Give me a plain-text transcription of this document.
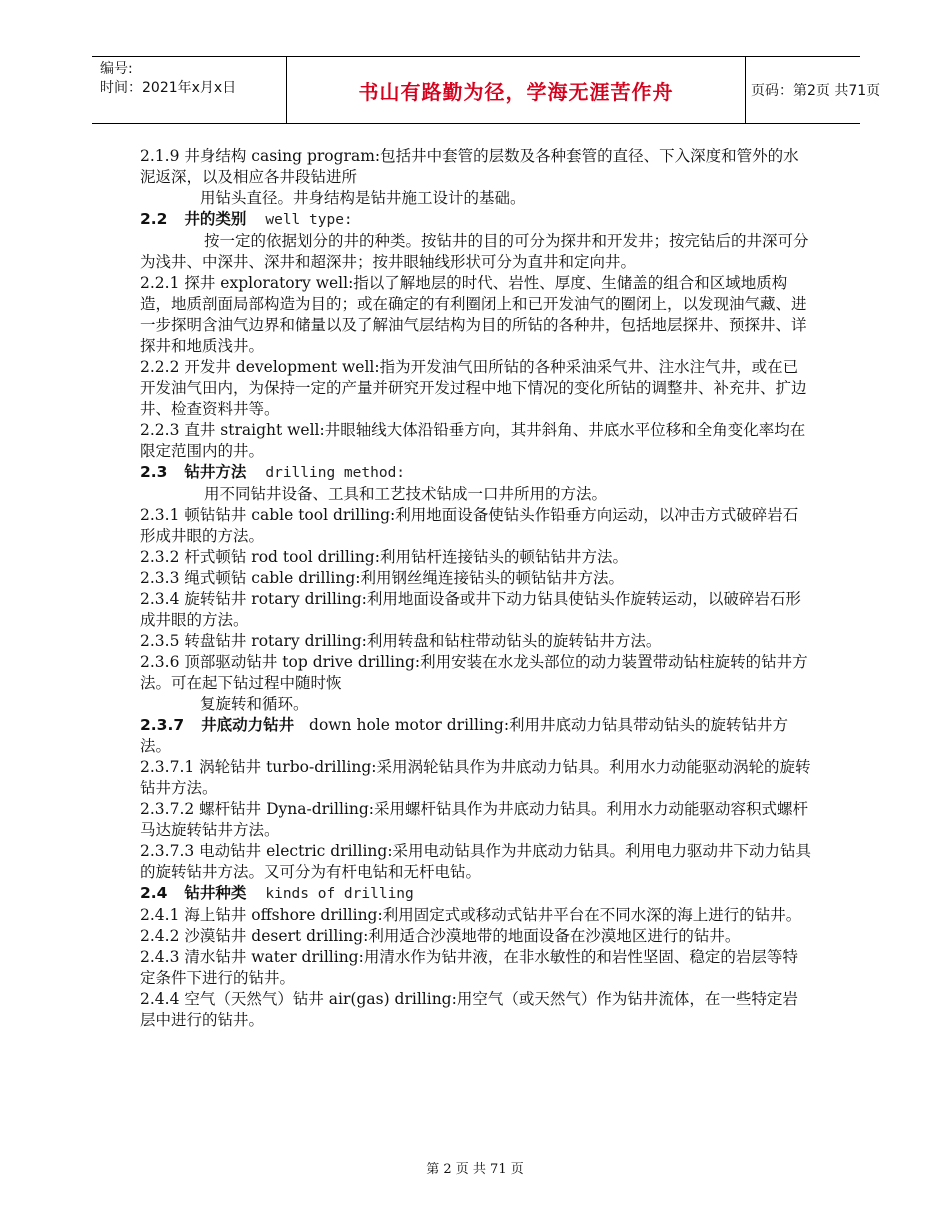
编号:
时间：2021年x月x日	书山有路勤为径，学海无涯苦作舟	页码：第2页 共71页

2.1.9 井身结构 casing program:包括井中套管的层数及各种套管的直径、下入深度和管外的水泥返深，以及相应各井段钻进所

用钻头直径。井身结构是钻井施工设计的基础。

2.2 井的类别 well type:

按一定的依据划分的井的种类。按钻井的目的可分为探井和开发井；按完钻后的井深可分为浅井、中深井、深井和超深井；按井眼轴线形状可分为直井和定向井。

2.2.1 探井 exploratory well:指以了解地层的时代、岩性、厚度、生储盖的组合和区域地质构造，地质剖面局部构造为目的；或在确定的有利圈闭上和已开发油气的圈闭上，以发现油气藏、进一步探明含油气边界和储量以及了解油气层结构为目的所钻的各种井，包括地层探井、预探井、详探井和地质浅井。

2.2.2 开发井 development well:指为开发油气田所钻的各种采油采气井、注水注气井，或在已开发油气田内，为保持一定的产量并研究开发过程中地下情况的变化所钻的调整井、补充井、扩边井、检查资料井等。

2.2.3 直井 straight well:井眼轴线大体沿铅垂方向，其井斜角、井底水平位移和全角变化率均在限定范围内的井。

2.3 钻井方法 drilling method:

用不同钻井设备、工具和工艺技术钻成一口井所用的方法。

2.3.1 顿钻钻井 cable tool drilling:利用地面设备使钻头作铅垂方向运动，以冲击方式破碎岩石形成井眼的方法。

2.3.2 杆式顿钻 rod tool drilling:利用钻杆连接钻头的顿钻钻井方法。

2.3.3 绳式顿钻 cable drilling:利用钢丝绳连接钻头的顿钻钻井方法。

2.3.4 旋转钻井 rotary drilling:利用地面设备或井下动力钻具使钻头作旋转运动，以破碎岩石形成井眼的方法。

2.3.5 转盘钻井 rotary drilling:利用转盘和钻柱带动钻头的旋转钻井方法。

2.3.6 顶部驱动钻井 top drive drilling:利用安装在水龙头部位的动力装置带动钻柱旋转的钻井方法。可在起下钻过程中随时恢

复旋转和循环。

2.3.7 井底动力钻井 down hole motor drilling:利用井底动力钻具带动钻头的旋转钻井方法。

2.3.7.1 涡轮钻井 turbo-drilling:采用涡轮钻具作为井底动力钻具。利用水力动能驱动涡轮的旋转钻井方法。

2.3.7.2 螺杆钻井 Dyna-drilling:采用螺杆钻具作为井底动力钻具。利用水力动能驱动容积式螺杆马达旋转钻井方法。

2.3.7.3 电动钻井 electric drilling:采用电动钻具作为井底动力钻具。利用电力驱动井下动力钻具的旋转钻井方法。又可分为有杆电钻和无杆电钻。

2.4 钻井种类 kinds of drilling

2.4.1 海上钻井 offshore drilling:利用固定式或移动式钻井平台在不同水深的海上进行的钻井。

2.4.2 沙漠钻井 desert drilling:利用适合沙漠地带的地面设备在沙漠地区进行的钻井。

2.4.3 清水钻井 water drilling:用清水作为钻井液，在非水敏性的和岩性坚固、稳定的岩层等特定条件下进行的钻井。

2.4.4 空气（天然气）钻井 air(gas) drilling:用空气（或天然气）作为钻井流体，在一些特定岩层中进行的钻井。

第 2 页 共 71 页
